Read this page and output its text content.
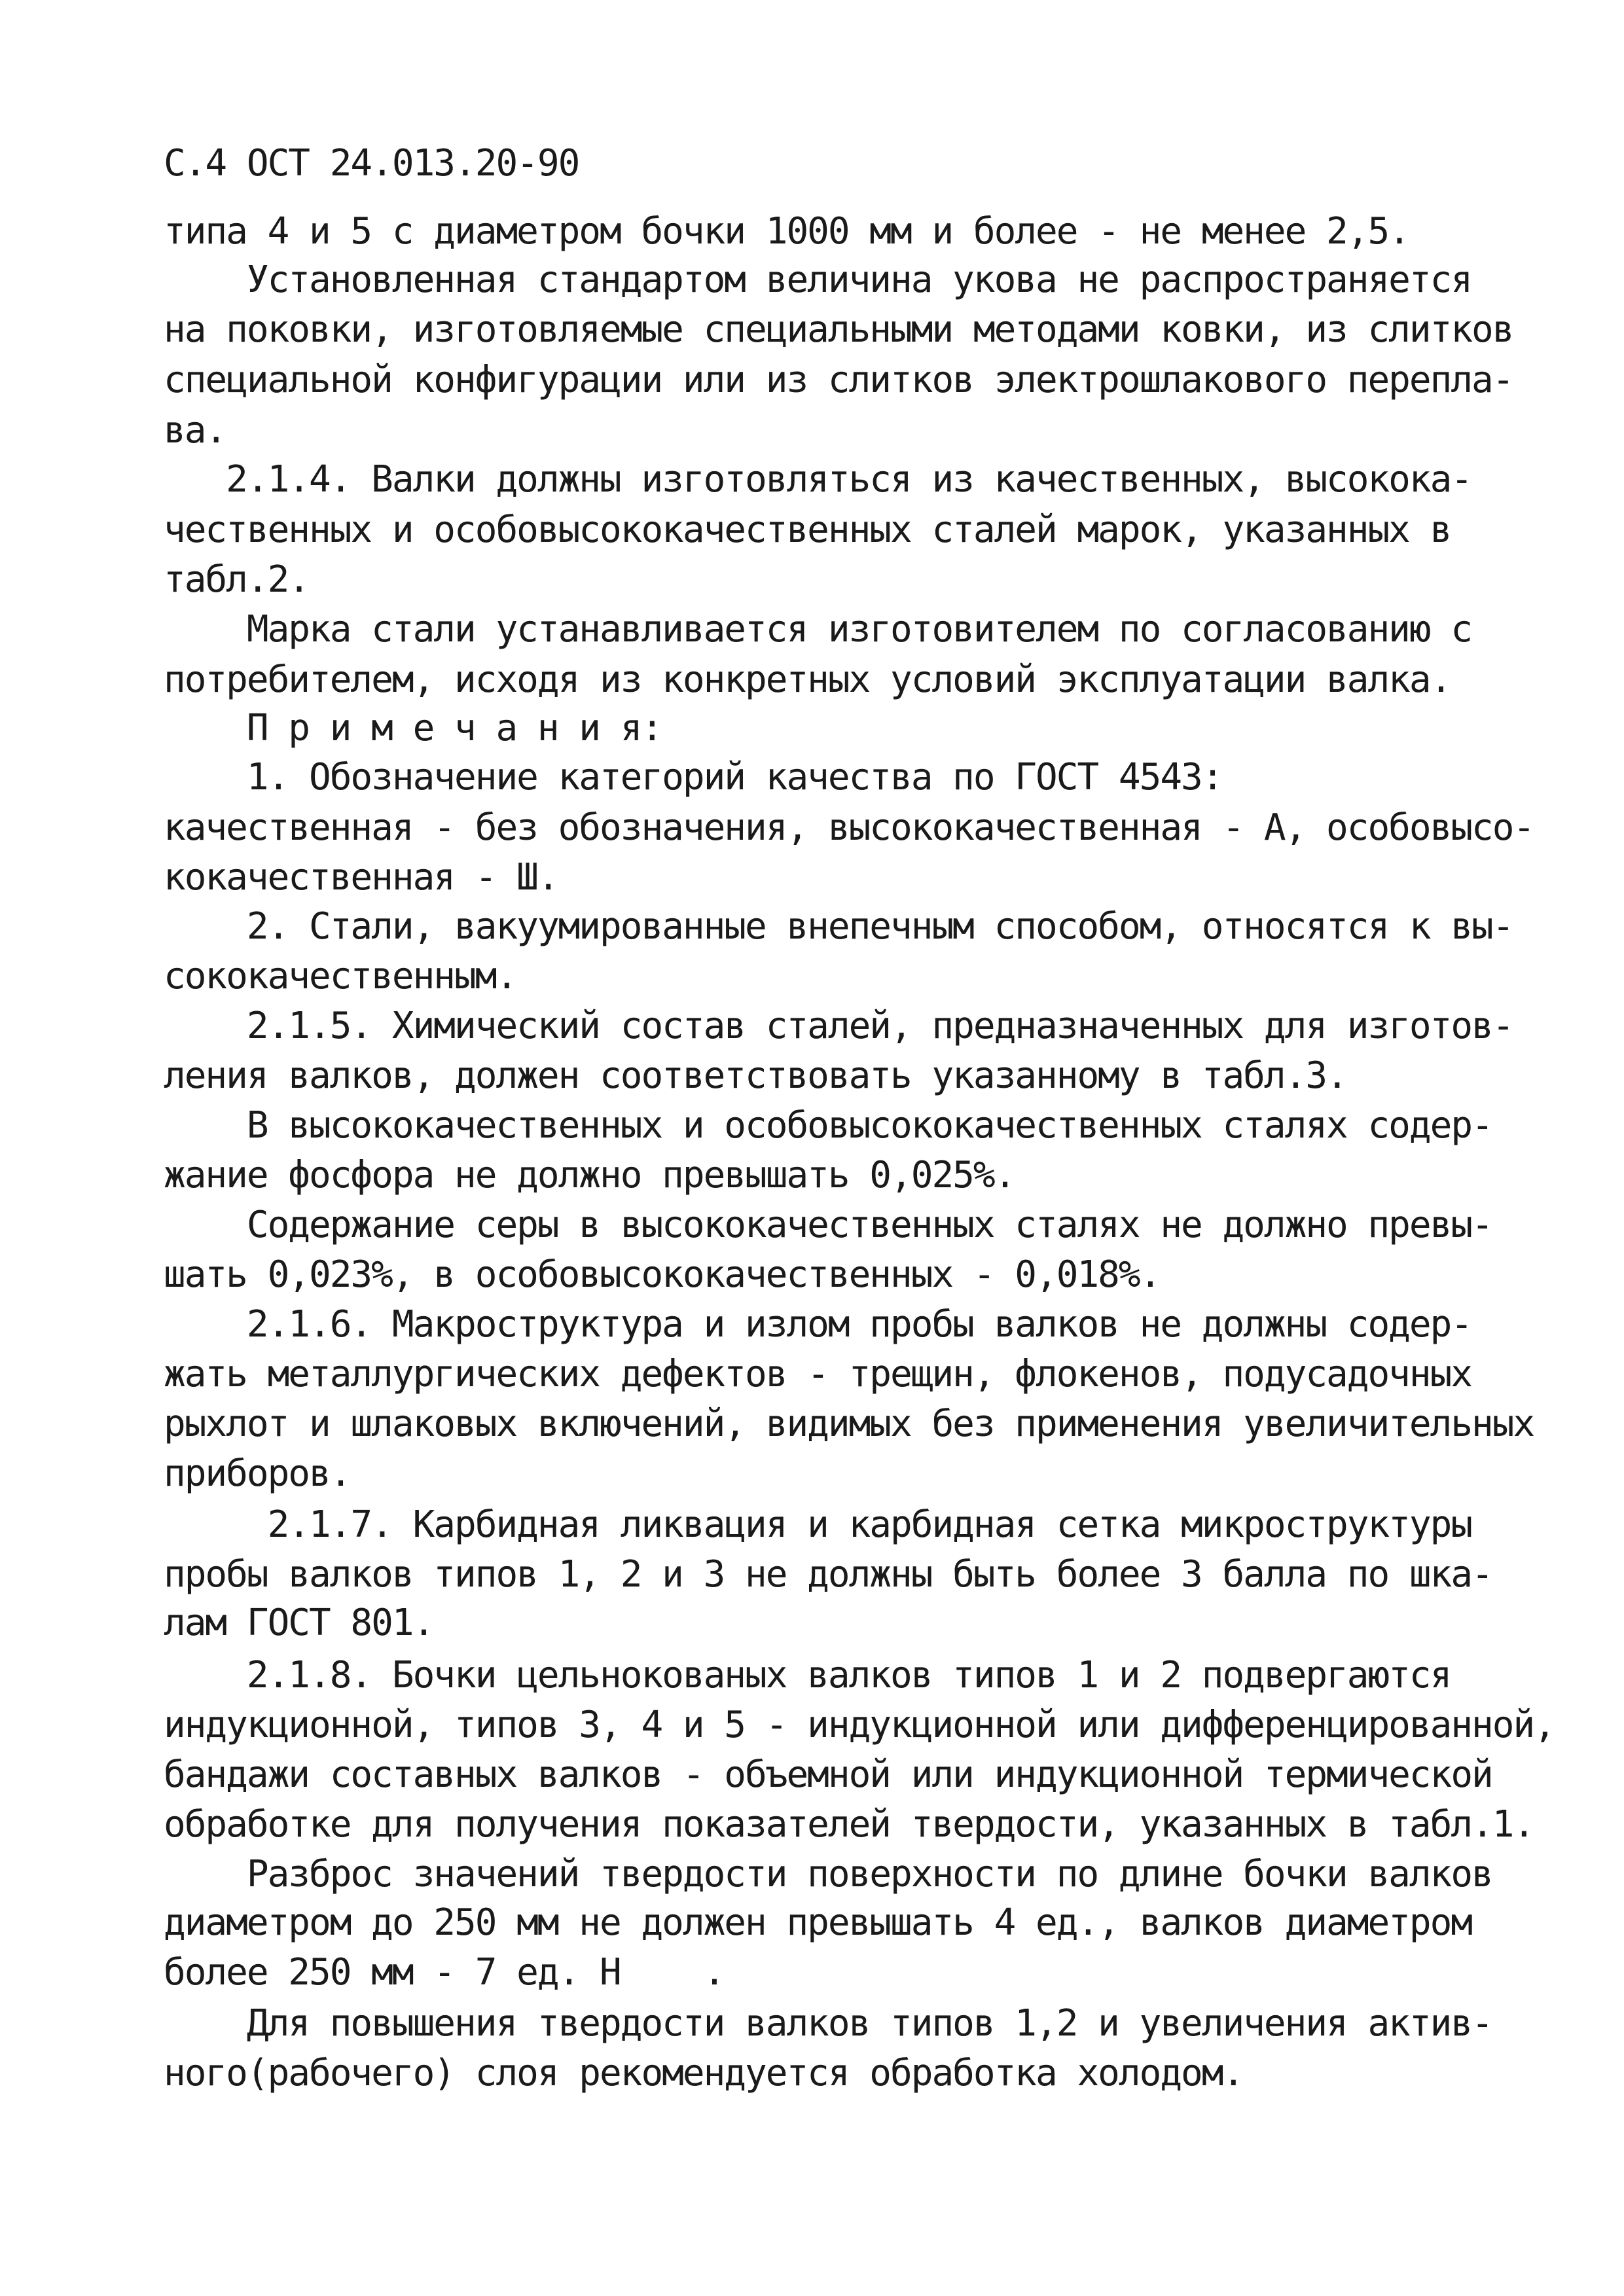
С.4 ОСТ 24.013.20-90
типа 4 и 5 с диаметром бочки 1000 мм и более - не менее 2,5.
Установленная стандартом величина укова не распространяется
на поковки, изготовляемые специальными методами ковки, из слитков
специальной конфигурации или из слитков электрошлакового перепла-
ва.
2.1.4. Валки должны изготовляться из качественных, высокока-
чественных и особовысококачественных сталей марок, указанных в
табл.2.
Марка стали устанавливается изготовителем по согласованию с
потребителем, исходя из конкретных условий эксплуатации валка.
П р и м е ч а н и я:
1. Обозначение категорий качества по ГОСТ 4543:
качественная - без обозначения, высококачественная - А, особовысо-
кокачественная - Ш.
2. Стали, вакуумированные внепечным способом, относятся к вы-
сококачественным.
2.1.5. Химический состав сталей, предназначенных для изготов-
ления валков, должен соответствовать указанному в табл.3.
В высококачественных и особовысококачественных сталях содер-
жание фосфора не должно превышать 0,025%.
Содержание серы в высококачественных сталях не должно превы-
шать 0,023%, в особовысококачественных - 0,018%.
2.1.6. Макроструктура и излом пробы валков не должны содер-
жать металлургических дефектов - трещин, флокенов, подусадочных
рыхлот и шлаковых включений, видимых без применения увеличительных
приборов.
2.1.7. Карбидная ликвация и карбидная сетка микроструктуры
пробы валков типов 1, 2 и 3 не должны быть более 3 балла по шка-
лам ГОСТ 801.
2.1.8. Бочки цельнокованых валков типов 1 и 2 подвергаются
индукционной, типов 3, 4 и 5 - индукционной или дифференцированной,
бандажи составных валков - объемной или индукционной термической
обработке для получения показателей твердости, указанных в табл.1.
Разброс значений твердости поверхности по длине бочки валков
диаметром до 250 мм не должен превышать 4 ед., валков диаметром
более 250 мм - 7 ед. Н    .
Для повышения твердости валков типов 1,2 и увеличения актив-
ного(рабочего) слоя рекомендуется обработка холодом.
